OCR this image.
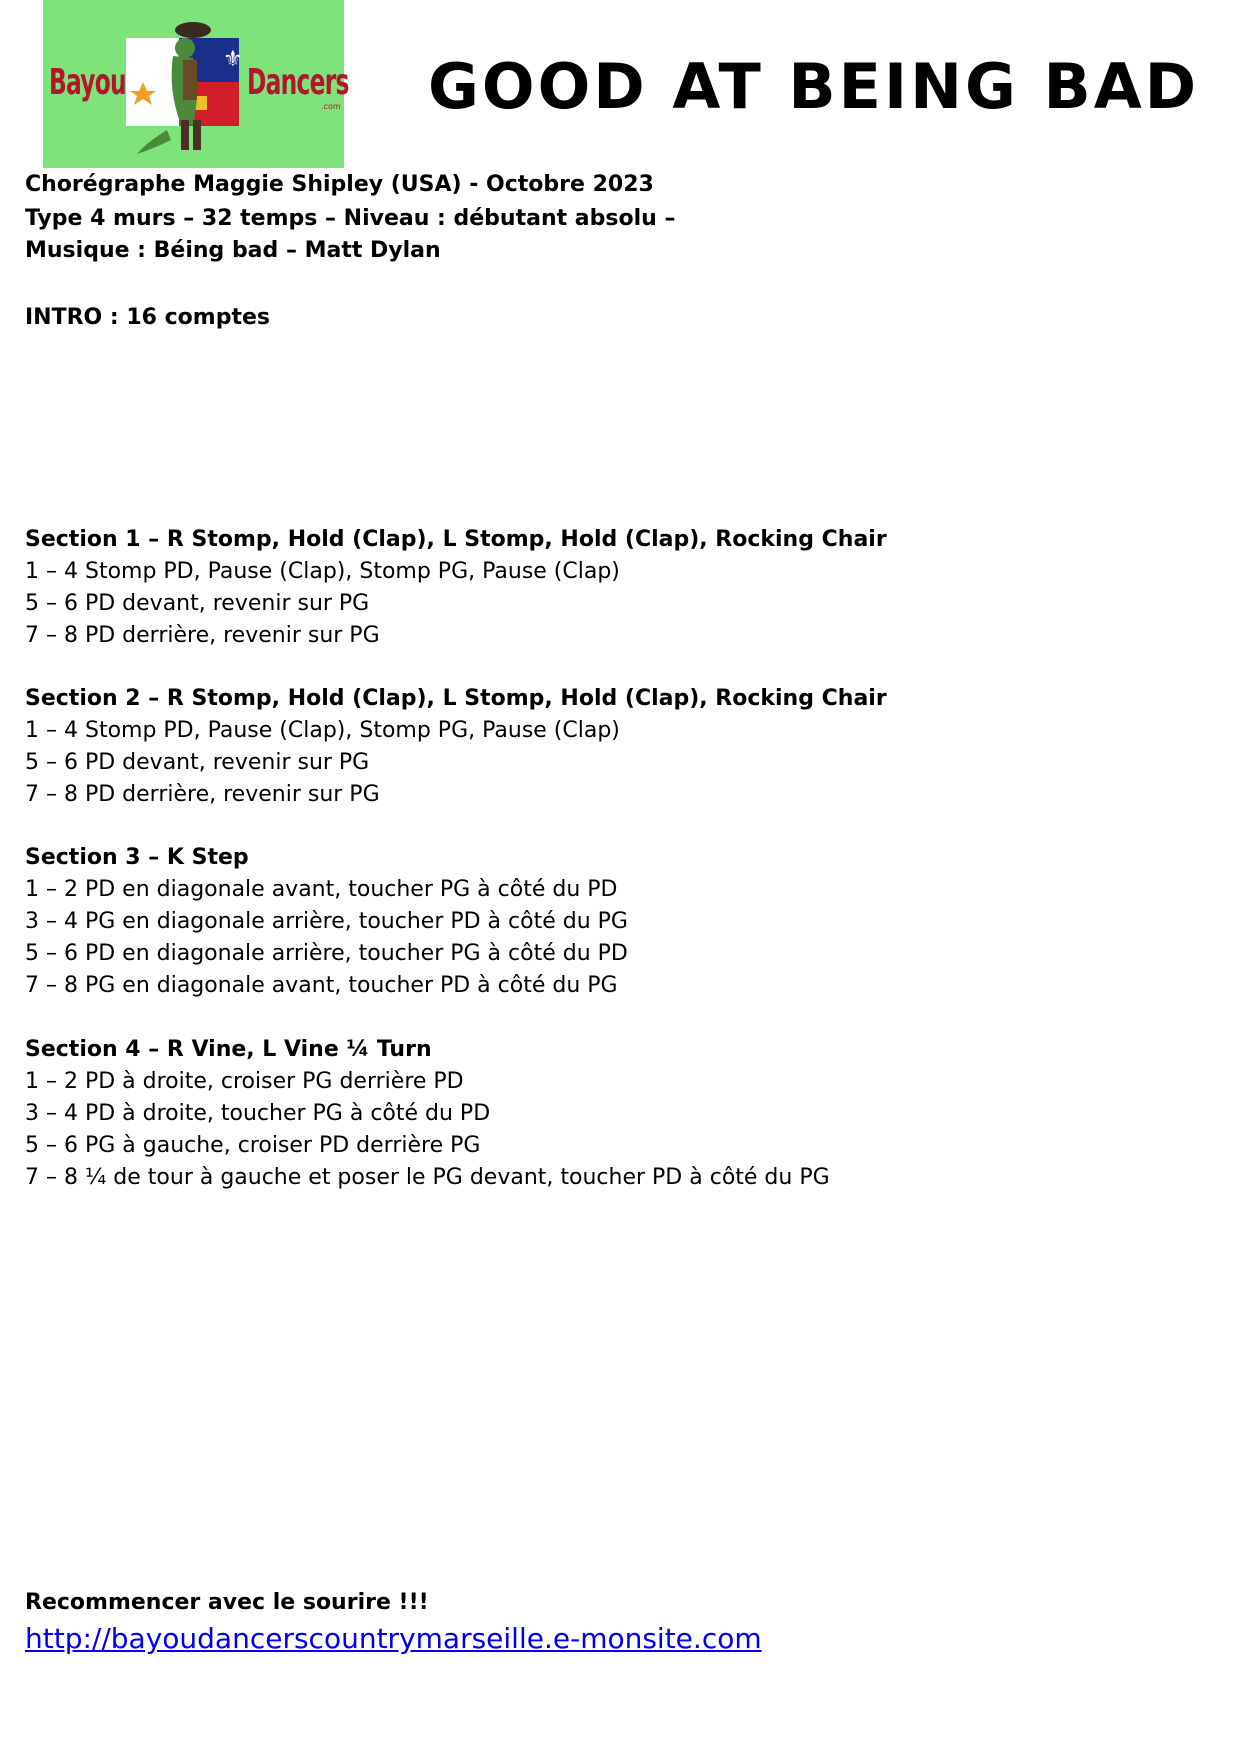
⚜
Bayou	Dancers
.com GOOD AT BEING BAD
Chorégraphe Maggie Shipley (USA) - Octobre 2023
Type 4 murs – 32 temps – Niveau : débutant absolu –
Musique : Béing bad – Matt Dylan
INTRO : 16 comptes
Section 1 – R Stomp, Hold (Clap), L Stomp, Hold (Clap), Rocking Chair
1 – 4 Stomp PD, Pause (Clap), Stomp PG, Pause (Clap)
5 – 6 PD devant, revenir sur PG
7 – 8 PD derrière, revenir sur PG
Section 2 – R Stomp, Hold (Clap), L Stomp, Hold (Clap), Rocking Chair
1 – 4 Stomp PD, Pause (Clap), Stomp PG, Pause (Clap)
5 – 6 PD devant, revenir sur PG
7 – 8 PD derrière, revenir sur PG
Section 3 – K Step
1 – 2 PD en diagonale avant, toucher PG à côté du PD
3 – 4 PG en diagonale arrière, toucher PD à côté du PG
5 – 6 PD en diagonale arrière, toucher PG à côté du PD
7 – 8 PG en diagonale avant, toucher PD à côté du PG
Section 4 – R Vine, L Vine ¼ Turn
1 – 2 PD à droite, croiser PG derrière PD
3 – 4 PD à droite, toucher PG à côté du PD
5 – 6 PG à gauche, croiser PD derrière PG
7 – 8 ¼ de tour à gauche et poser le PG devant, toucher PD à côté du PG
Recommencer avec le sourire !!!
http://bayoudancerscountrymarseille.e-monsite.com
